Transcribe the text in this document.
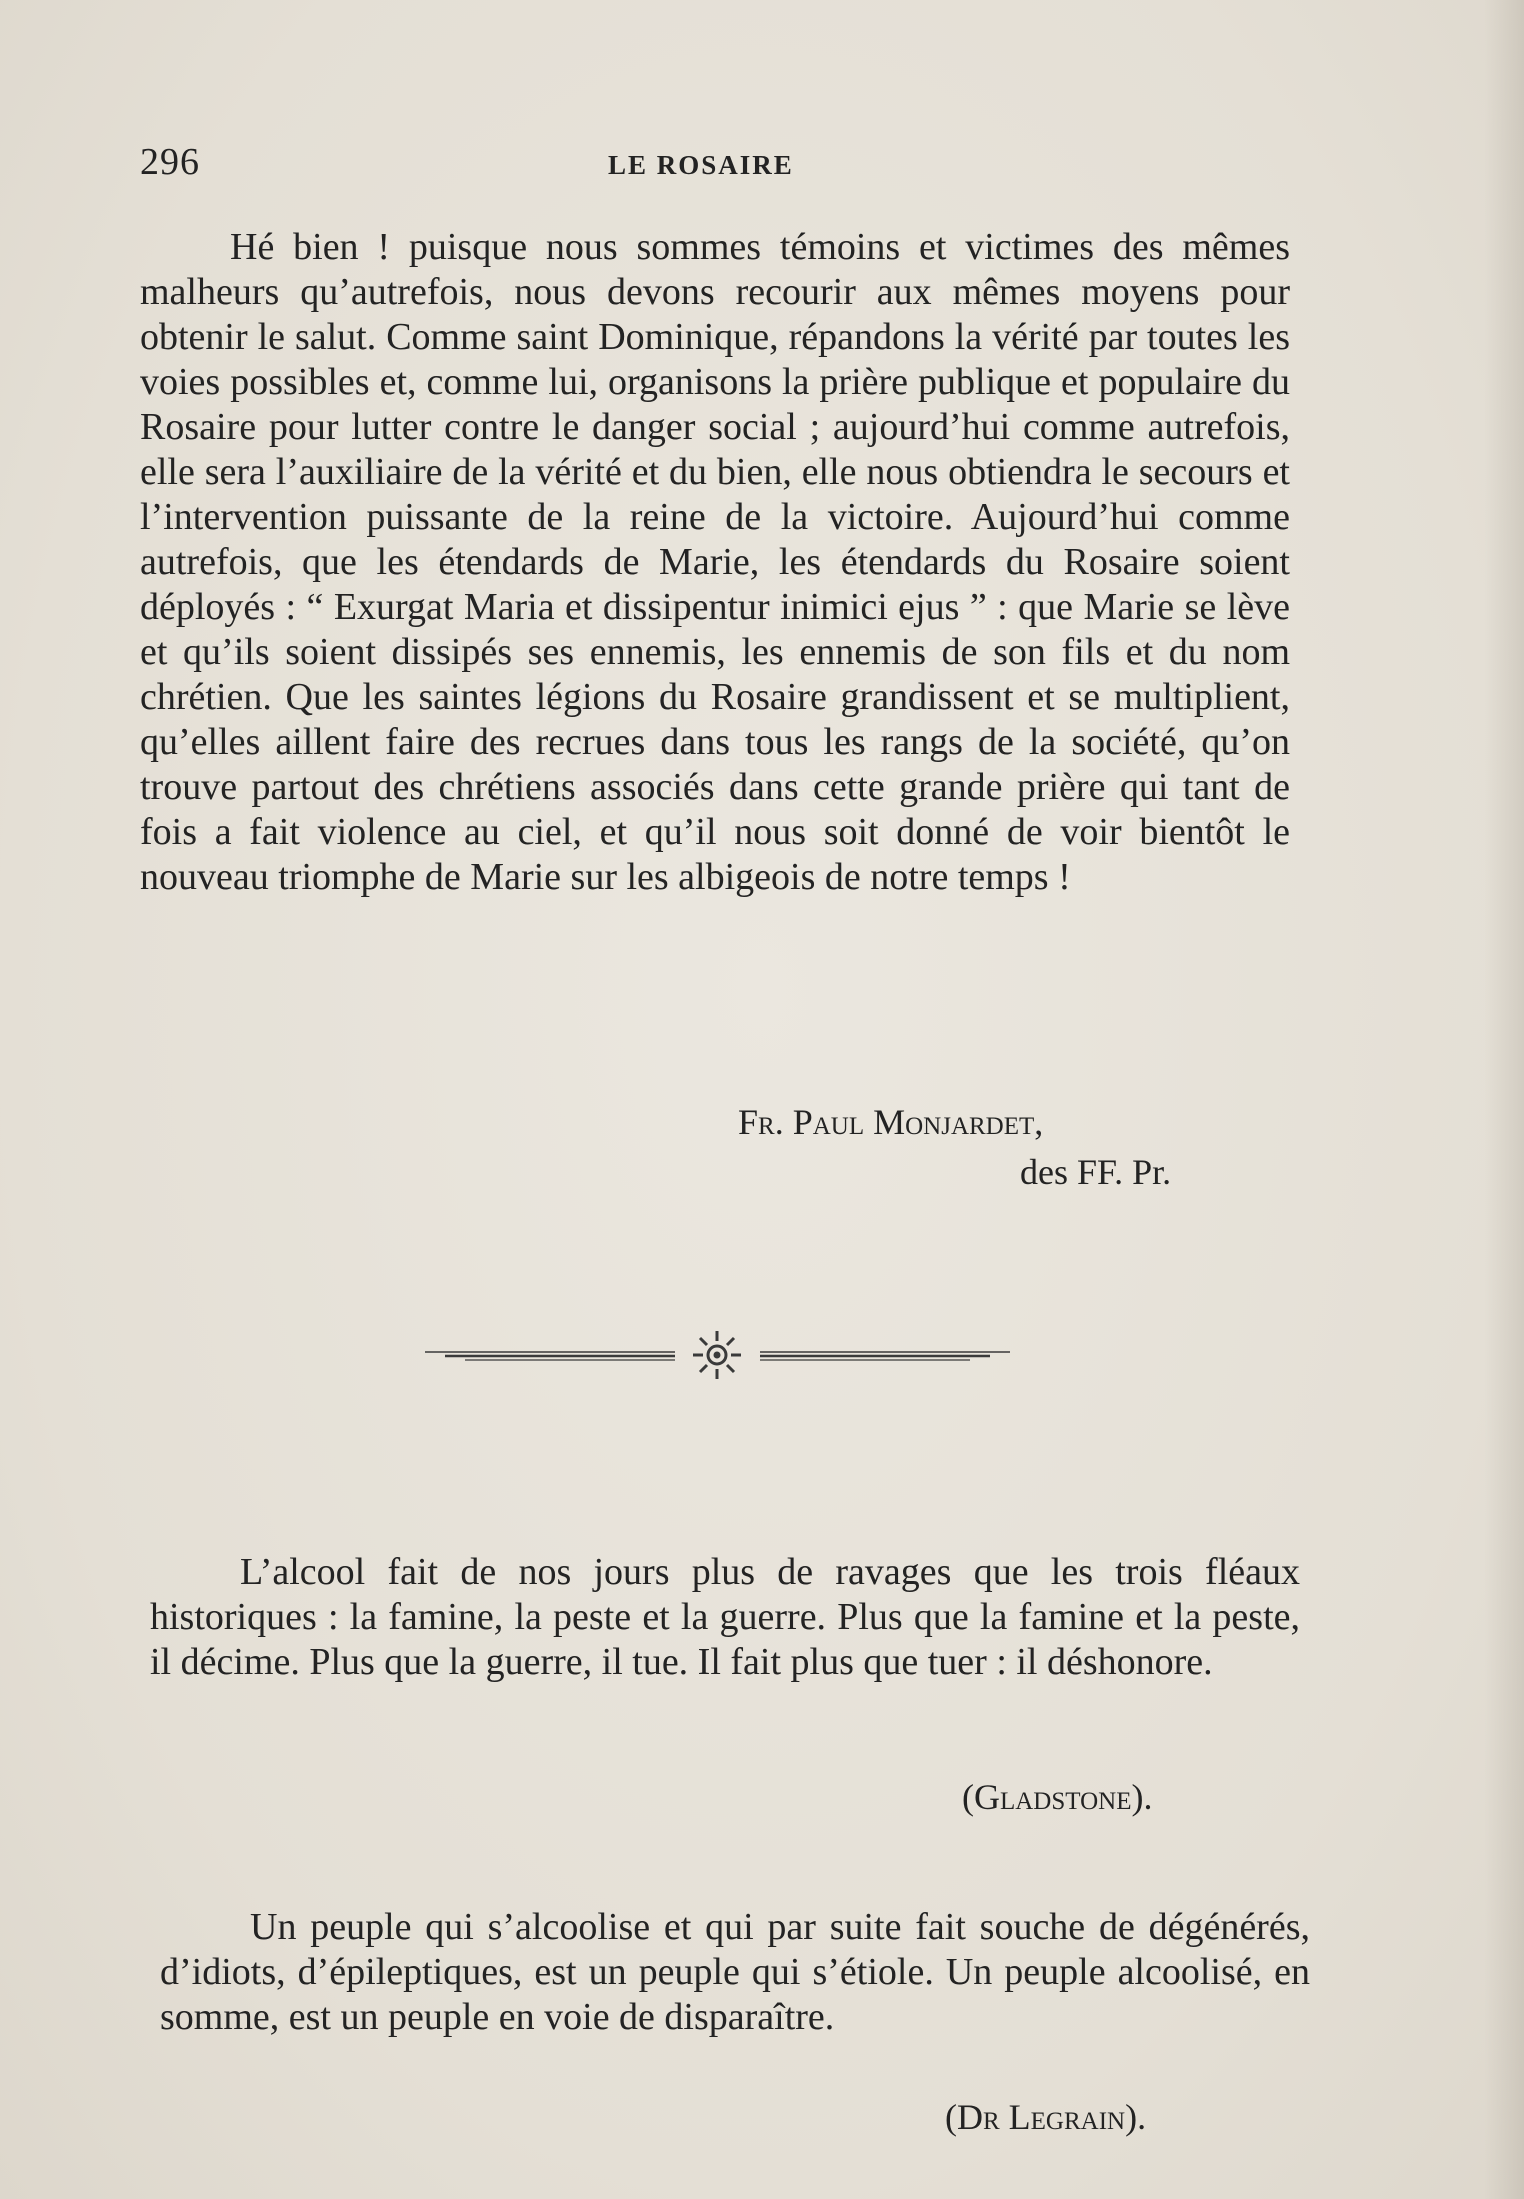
296	LE ROSAIRE

Hé bien ! puisque nous sommes témoins et victimes des mêmes malheurs qu’autrefois, nous devons recourir aux mêmes moyens pour obtenir le salut. Comme saint Dominique, répandons la vérité par toutes les voies possibles et, comme lui, organisons la prière publique et populaire du Rosaire pour lutter contre le danger social ; aujourd’hui comme autrefois, elle sera l’auxiliaire de la vérité et du bien, elle nous obtiendra le secours et l’intervention puissante de la reine de la victoire. Aujourd’hui comme autrefois, que les étendards de Marie, les étendards du Rosaire soient déployés : “ Exurgat Maria et dissipentur inimici ejus ” : que Marie se lève et qu’ils soient dissipés ses ennemis, les ennemis de son fils et du nom chrétien. Que les saintes légions du Rosaire grandissent et se multiplient, qu’elles aillent faire des recrues dans tous les rangs de la société, qu’on trouve partout des chrétiens associés dans cette grande prière qui tant de fois a fait violence au ciel, et qu’il nous soit donné de voir bientôt le nouveau triomphe de Marie sur les albigeois de notre temps !

Fr. Paul Monjardet,
des FF. Pr.

L’alcool fait de nos jours plus de ravages que les trois fléaux historiques : la famine, la peste et la guerre. Plus que la famine et la peste, il décime. Plus que la guerre, il tue. Il fait plus que tuer : il déshonore.

(Gladstone).

Un peuple qui s’alcoolise et qui par suite fait souche de dégénérés, d’idiots, d’épileptiques, est un peuple qui s’étiole. Un peuple alcoolisé, en somme, est un peuple en voie de disparaître.

(Dr Legrain).
